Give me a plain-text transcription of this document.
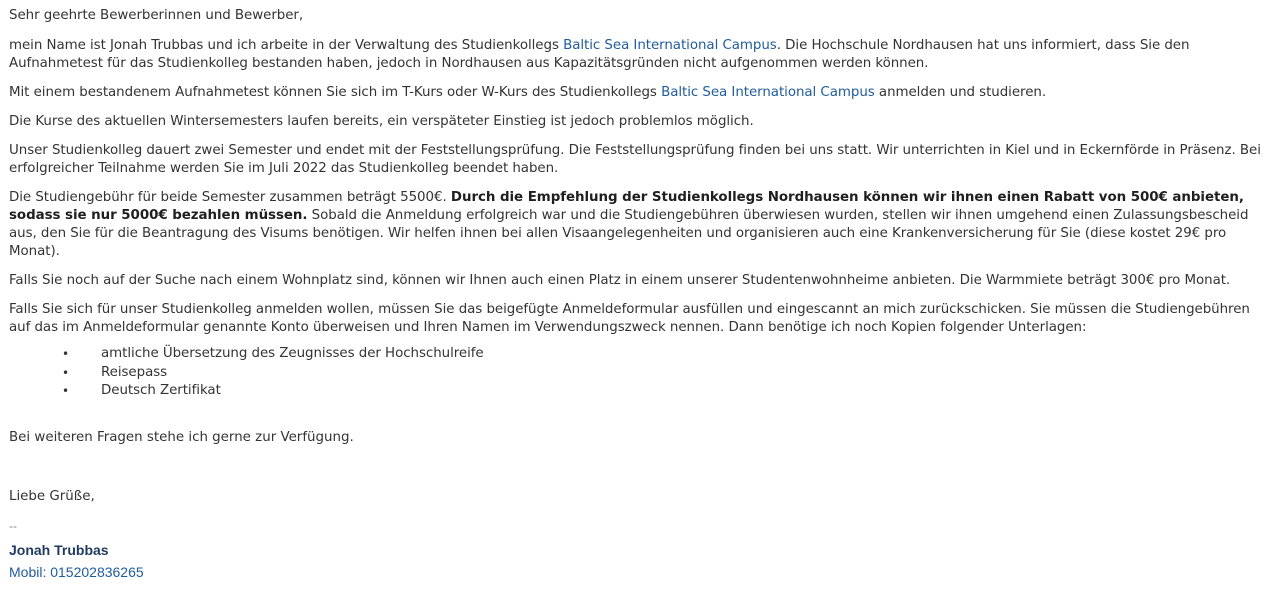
Sehr geehrte Bewerberinnen und Bewerber,

mein Name ist Jonah Trubbas und ich arbeite in der Verwaltung des Studienkollegs Baltic Sea International Campus. Die Hochschule Nordhausen hat uns informiert, dass Sie den Aufnahmetest für das Studienkolleg bestanden haben, jedoch in Nordhausen aus Kapazitätsgründen nicht aufgenommen werden können.

Mit einem bestandenem Aufnahmetest können Sie sich im T-Kurs oder W-Kurs des Studienkollegs Baltic Sea International Campus anmelden und studieren.

Die Kurse des aktuellen Wintersemesters laufen bereits, ein verspäteter Einstieg ist jedoch problemlos möglich.

Unser Studienkolleg dauert zwei Semester und endet mit der Feststellungsprüfung. Die Feststellungsprüfung finden bei uns statt. Wir unterrichten in Kiel und in Eckernförde in Präsenz. Bei erfolgreicher Teilnahme werden Sie im Juli 2022 das Studienkolleg beendet haben.

Die Studiengebühr für beide Semester zusammen beträgt 5500€. Durch die Empfehlung der Studienkollegs Nordhausen können wir ihnen einen Rabatt von 500€ anbieten, sodass sie nur 5000€ bezahlen müssen. Sobald die Anmeldung erfolgreich war und die Studiengebühren überwiesen wurden, stellen wir ihnen umgehend einen Zulassungsbescheid aus, den Sie für die Beantragung des Visums benötigen. Wir helfen ihnen bei allen Visaangelegenheiten und organisieren auch eine Krankenversicherung für Sie (diese kostet 29€ pro Monat).

Falls Sie noch auf der Suche nach einem Wohnplatz sind, können wir Ihnen auch einen Platz in einem unserer Studentenwohnheime anbieten. Die Warmmiete beträgt 300€ pro Monat.

Falls Sie sich für unser Studienkolleg anmelden wollen, müssen Sie das beigefügte Anmeldeformular ausfüllen und eingescannt an mich zurückschicken. Sie müssen die Studiengebühren auf das im Anmeldeformular genannte Konto überweisen und Ihren Namen im Verwendungszweck nennen. Dann benötige ich noch Kopien folgender Unterlagen:

• amtliche Übersetzung des Zeugnisses der Hochschulreife
• Reisepass
• Deutsch Zertifikat
Bei weiteren Fragen stehe ich gerne zur Verfügung.
Liebe Grüße,
--
Jonah Trubbas
Mobil: 015202836265
